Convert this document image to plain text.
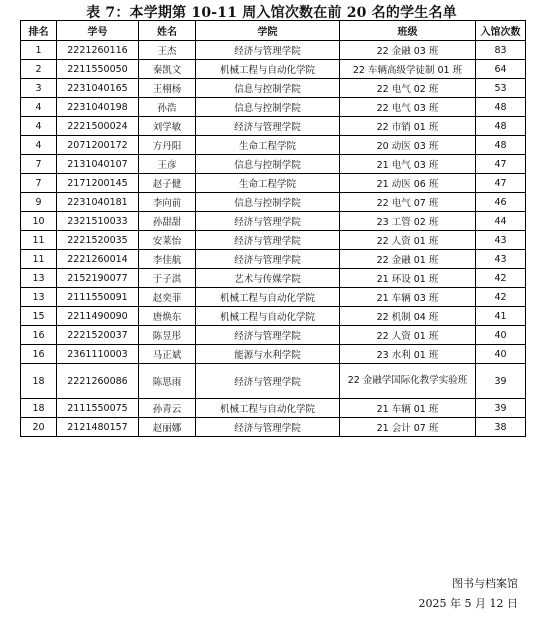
表 7：本学期第 10-11 周入馆次数在前 20 名的学生名单
排名	学号	姓名	学院	班级	入馆次数
1	2221260116	王杰	经济与管理学院	22 金融 03 班	83
2	2211550050	秦凯文	机械工程与自动化学院	22 车辆高级学徒制 01 班	64
3	2231040165	王栩杨	信息与控制学院	22 电气 02 班	53
4	2231040198	孙浩	信息与控制学院	22 电气 03 班	48
4	2221500024	刘学敏	经济与管理学院	22 市销 01 班	48
4	2071200172	方丹阳	生命工程学院	20 动医 03 班	48
7	2131040107	王彦	信息与控制学院	21 电气 03 班	47
7	2171200145	赵子健	生命工程学院	21 动医 06 班	47
9	2231040181	李向前	信息与控制学院	22 电气 07 班	46
10	2321510033	孙甜甜	经济与管理学院	23 工管 02 班	44
11	2221520035	安莱怡	经济与管理学院	22 人资 01 班	43
11	2221260014	李佳航	经济与管理学院	22 金融 01 班	43
13	2152190077	于子淇	艺术与传媒学院	21 环设 01 班	42
13	2111550091	赵奕菲	机械工程与自动化学院	21 车辆 03 班	42
15	2211490090	唐焕东	机械工程与自动化学院	22 机制 04 班	41
16	2221520037	陈昱彤	经济与管理学院	22 人资 01 班	40
16	2361110003	马正斌	能源与水利学院	23 水利 01 班	40
18	2221260086	陈思雨	经济与管理学院	22 金融学国际化教学实验班	39
18	2111550075	孙青云	机械工程与自动化学院	21 车辆 01 班	39
20	2121480157	赵丽娜	经济与管理学院	21 会计 07 班	38
图书与档案馆
2025 年 5 月 12 日
